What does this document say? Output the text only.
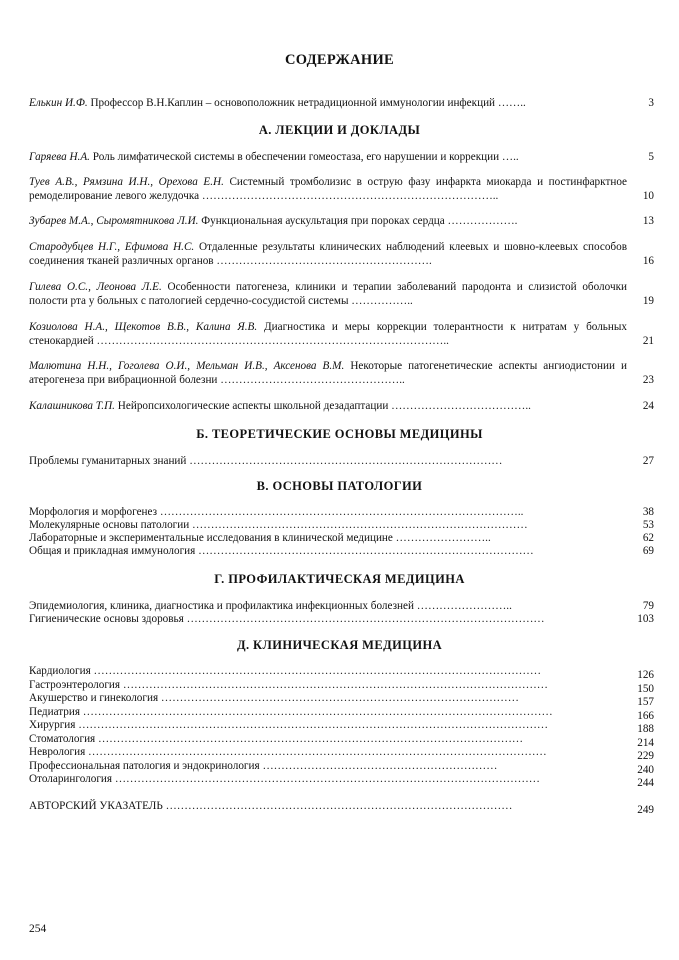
СОДЕРЖАНИЕ
Елькин И.Ф. Профессор В.Н.Каплин – основоположник нетрадиционной иммунологии инфекций ……..	3
А. ЛЕКЦИИ И ДОКЛАДЫ
Гаряева Н.А. Роль лимфатической системы в обеспечении гомеостаза, его нарушении и коррекции …..	5
Туев А.В., Рямзина И.Н., Орехова Е.Н. Системный тромболизис в острую фазу инфаркта миокарда и постинфарктное ремоделирование левого желудочка ……………………………………………………………………..	10
Зубарев М.А., Сыромятникова Л.И. Функциональная аускультация при пороках сердца ……………….	13
Стародубцев Н.Г., Ефимова Н.С. Отдаленные результаты клинических наблюдений клеевых и шовно-клеевых способов соединения тканей различных органов ………………………………………………….	16
Гилева О.С., Леонова Л.Е. Особенности патогенеза, клиники и терапии заболеваний пародонта и слизистой оболочки полости рта у больных с патологией сердечно-сосудистой системы ……………..	19
Козиолова Н.А., Щекотов В.В., Калина Я.В. Диагностика и меры коррекции толерантности к нитратам у больных стенокардией …………………………………………………………………………………..	21
Малютина Н.Н., Гоголева О.И., Мельман И.В., Аксенова В.М. Некоторые патогенетические аспекты ангиодистонии и атерогенеза при вибрационной болезни …………………………………………..	23
Калашникова Т.П. Нейропсихологические аспекты школьной дезадаптации ………………………………..	24
Б. ТЕОРЕТИЧЕСКИЕ ОСНОВЫ МЕДИЦИНЫ
Проблемы гуманитарных знаний …………………………………………………………………………	27
В. ОСНОВЫ ПАТОЛОГИИ
Морфология и морфогенез ……………………………………………………………………………………..	38
Молекулярные основы патологии ………………………………………………………………………………	53
Лабораторные и экспериментальные исследования в клинической медицине ……………………..	62
Общая и прикладная иммунология ………………………………………………………………………………	69
Г. ПРОФИЛАКТИЧЕСКАЯ МЕДИЦИНА
Эпидемиология, клиника, диагностика и профилактика инфекционных болезней ……………………..	79
Гигиенические основы здоровья ……………………………………………………………………………………	103
Д. КЛИНИЧЕСКАЯ МЕДИЦИНА
Кардиология …………………………………………………………………………………………………………	126
Гастроэнтерология ……………………………………………………………………………………………………	150
Акушерство и гинекология ……………………………………………………………………………………	157
Педиатрия ………………………………………………………………………………………………………………	166
Хирургия ………………………………………………………………………………………………………………	188
Стоматология ……………………………………………………………………………………………………	214
Неврология ……………………………………………………………………………………………………………	229
Профессиональная патология и эндокринология ………………………………………………………	240
Отоларингология ……………………………………………………………………………………………………	244
АВТОРСКИЙ УКАЗАТЕЛЬ …………………………………………………………………………………	249
254
